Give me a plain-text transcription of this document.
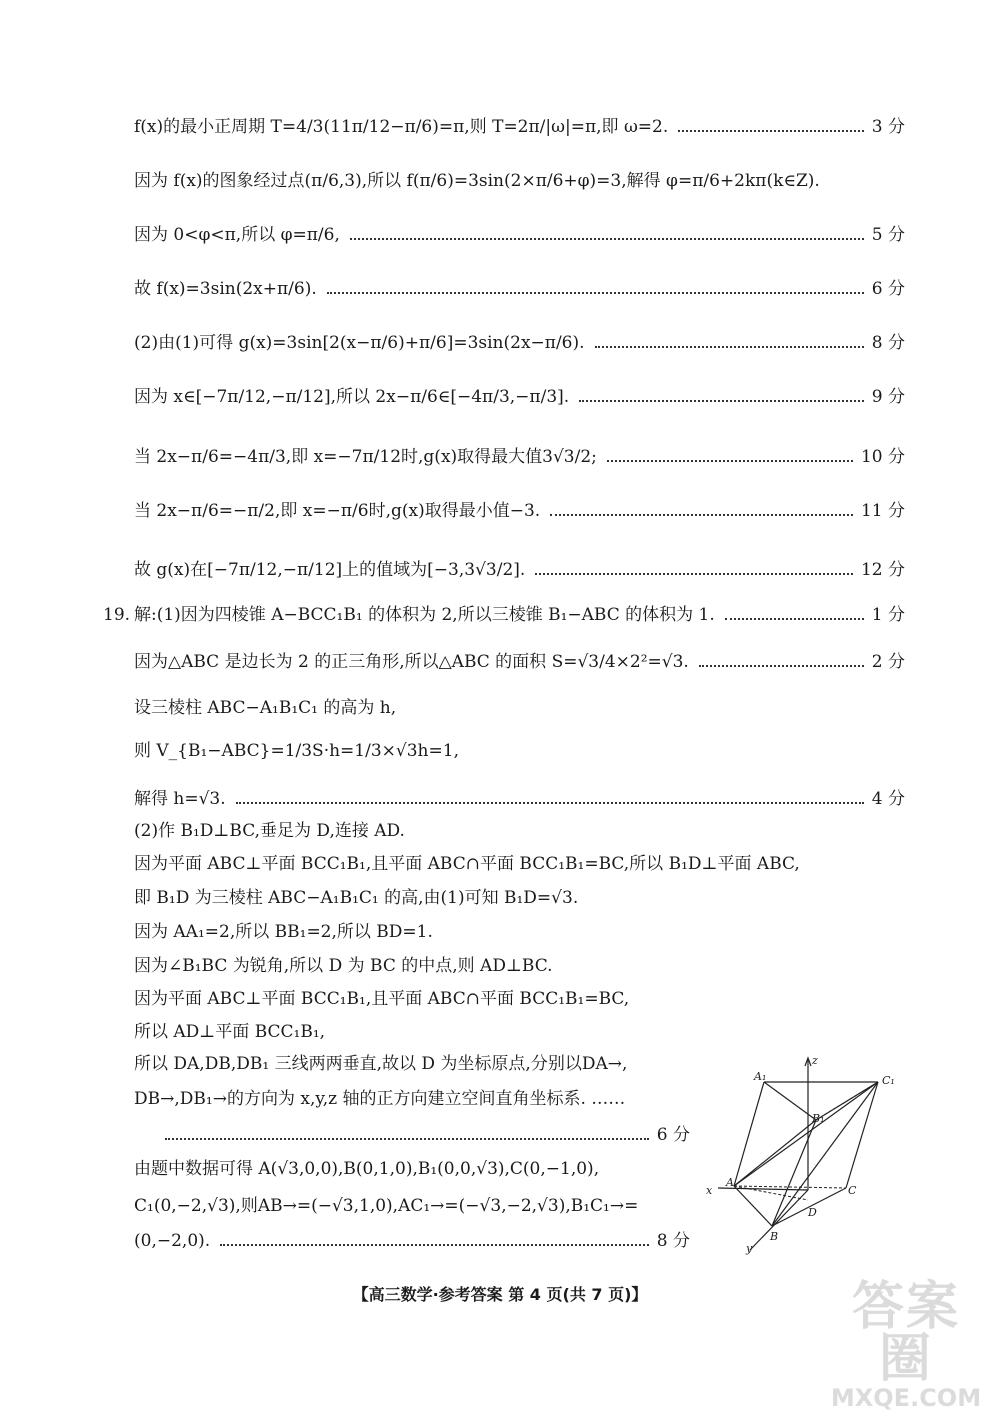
f(x)的最小正周期 T=4/3(11π/12−π/6)=π,则 T=2π/|ω|=π,即 ω=2.	3 分
因为 f(x)的图象经过点(π/6,3),所以 f(π/6)=3sin(2×π/6+φ)=3,解得 φ=π/6+2kπ(k∈Z).
因为 0<φ<π,所以 φ=π/6,	5 分
故 f(x)=3sin(2x+π/6).	6 分
(2)由(1)可得 g(x)=3sin[2(x−π/6)+π/6]=3sin(2x−π/6).	8 分
因为 x∈[−7π/12,−π/12],所以 2x−π/6∈[−4π/3,−π/3].	9 分
当 2x−π/6=−4π/3,即 x=−7π/12时,g(x)取得最大值3√3/2;	10 分
当 2x−π/6=−π/2,即 x=−π/6时,g(x)取得最小值−3.	11 分
故 g(x)在[−7π/12,−π/12]上的值域为[−3,3√3/2].	12 分
19. 解:(1)因为四棱锥 A−BCC₁B₁ 的体积为 2,所以三棱锥 B₁−ABC 的体积为 1.	1 分
因为△ABC 是边长为 2 的正三角形,所以△ABC 的面积 S=√3/4×2²=√3.	2 分
设三棱柱 ABC−A₁B₁C₁ 的高为 h,
则 V_{B₁−ABC}=1/3S·h=1/3×√3h=1,
解得 h=√3.	4 分
(2)作 B₁D⊥BC,垂足为 D,连接 AD.
因为平面 ABC⊥平面 BCC₁B₁,且平面 ABC∩平面 BCC₁B₁=BC,所以 B₁D⊥平面 ABC,
即 B₁D 为三棱柱 ABC−A₁B₁C₁ 的高,由(1)可知 B₁D=√3.
因为 AA₁=2,所以 BB₁=2,所以 BD=1.
因为∠B₁BC 为锐角,所以 D 为 BC 的中点,则 AD⊥BC.
因为平面 ABC⊥平面 BCC₁B₁,且平面 ABC∩平面 BCC₁B₁=BC,
所以 AD⊥平面 BCC₁B₁,
所以 DA,DB,DB₁ 三线两两垂直,故以 D 为坐标原点,分别以DA→,
DB→,DB₁→的方向为 x,y,z 轴的正方向建立空间直角坐标系. ……
6 分
由题中数据可得 A(√3,0,0),B(0,1,0),B₁(0,0,√3),C(0,−1,0),
C₁(0,−2,√3),则AB→=(−√3,1,0),AC₁→=(−√3,−2,√3),B₁C₁→=
(0,−2,0).	8 分
A₁	C₁
B₁
A
B
C
D
x
y
z
【高三数学·参考答案 第 4 页(共 7 页)】	答案圈
MXQE.COM
